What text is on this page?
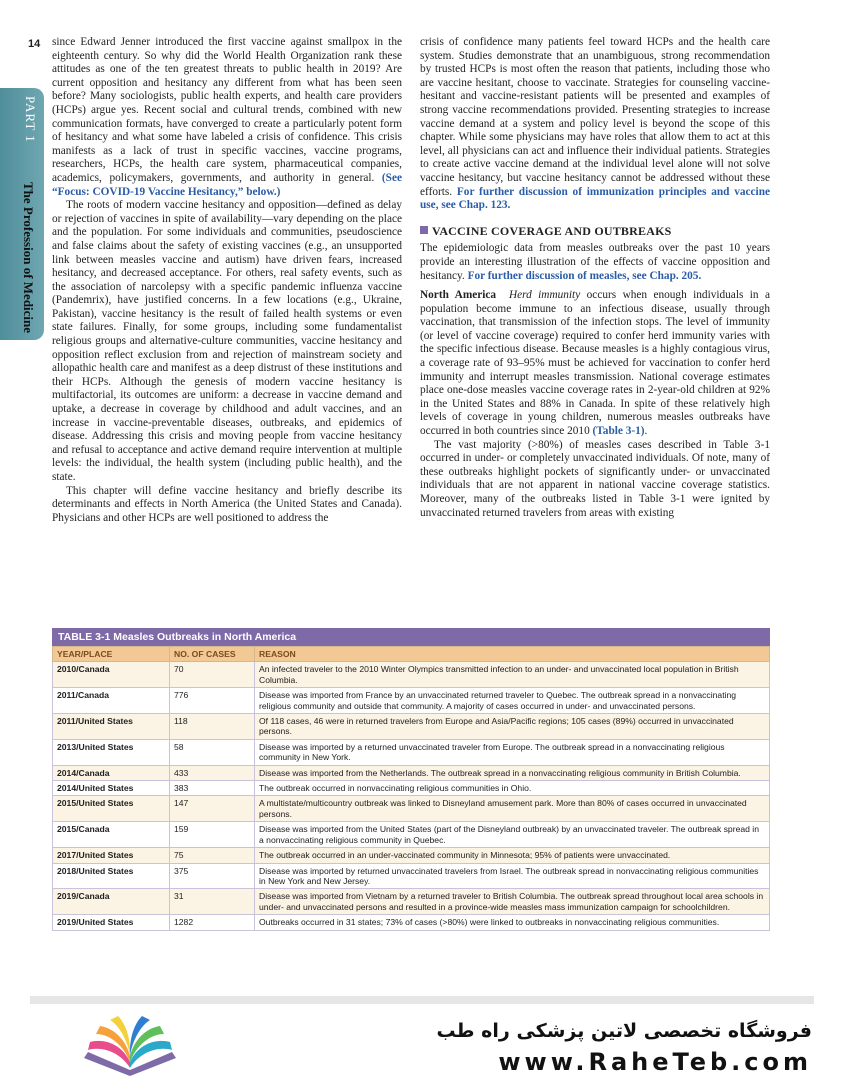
14
PART 1
The Profession of Medicine

since Edward Jenner introduced the first vaccine against smallpox in the eighteenth century. So why did the World Health Organization rank these attitudes as one of the ten greatest threats to public health in 2019? Are current opposition and hesitancy any different from what has been seen before? Many sociologists, public health experts, and health care providers (HCPs) argue yes. Recent social and cultural trends, combined with new communication formats, have converged to create a particularly potent form of hesitancy and what some have labeled a crisis of confidence. This crisis manifests as a lack of trust in specific vaccines, vaccine programs, researchers, HCPs, the health care system, pharmaceutical companies, academics, policymakers, governments, and authority in general. (See “Focus: COVID-19 Vaccine Hesitancy,” below.)

The roots of modern vaccine hesitancy and opposition—defined as delay or rejection of vaccines in spite of availability—vary depending on the place and the population. For some individuals and communities, pseudoscience and false claims about the safety of existing vaccines (e.g., an unsupported link between measles vaccine and autism) have driven fears, increased hesitancy, and decreased acceptance. For others, real safety events, such as the association of narcolepsy with a specific pandemic influenza vaccine (Pandemrix), have justified concerns. In a few locations (e.g., Ukraine, Pakistan), vaccine hesitancy is the result of failed health systems or even state failures. Finally, for some groups, including some fundamentalist religious groups and alternative-culture communities, vaccine hesitancy and opposition reflect exclusion from and rejection of mainstream society and allopathic health care and manifest as a deep distrust of these institutions and their HCPs. Although the genesis of modern vaccine hesitancy is multifactorial, its outcomes are uniform: a decrease in vaccine demand and uptake, a decrease in coverage by childhood and adult vaccines, and an increase in vaccine-preventable diseases, outbreaks, and epidemics of disease. Addressing this crisis and moving people from vaccine hesitancy and refusal to acceptance and active demand require intervention at multiple levels: the individual, the health system (including public health), and the state.

This chapter will define vaccine hesitancy and briefly describe its determinants and effects in North America (the United States and Canada). Physicians and other HCPs are well positioned to address the

crisis of confidence many patients feel toward HCPs and the health care system. Studies demonstrate that an unambiguous, strong recommendation by trusted HCPs is most often the reason that patients, including those who are vaccine hesitant, choose to vaccinate. Strategies for counseling vaccine-hesitant and vaccine-resistant patients will be presented and examples of strong vaccine recommendations provided. Presenting strategies to increase vaccine demand at a system and policy level is beyond the scope of this chapter. While some physicians may have roles that allow them to act at this level, all physicians can act and influence their individual patients. Strategies to create active vaccine demand at the individual level alone will not solve vaccine hesitancy, but vaccine hesitancy cannot be addressed without these efforts. For further discussion of immunization principles and vaccine use, see Chap. 123.

VACCINE COVERAGE AND OUTBREAKS

The epidemiologic data from measles outbreaks over the past 10 years provide an interesting illustration of the effects of vaccine opposition and hesitancy. For further discussion of measles, see Chap. 205.

North America Herd immunity occurs when enough individuals in a population become immune to an infectious disease, usually through vaccination, that transmission of the infection stops. The level of immunity (or level of vaccine coverage) required to confer herd immunity varies with the specific infectious disease. Because measles is a highly contagious virus, a coverage rate of 93–95% must be achieved for vaccination to confer herd immunity and interrupt measles transmission. National coverage estimates place one-dose measles vaccine coverage rates in 2-year-old children at 92% in the United States and 88% in Canada. In spite of these relatively high levels of coverage in young children, numerous measles outbreaks have occurred in both countries since 2010 (Table 3-1).

The vast majority (>80%) of measles cases described in Table 3-1 occurred in under- or completely unvaccinated individuals. Of note, many of these outbreaks highlight pockets of significantly under- or unvaccinated individuals that are not apparent in national vaccine coverage statistics. Moreover, many of the outbreaks listed in Table 3-1 were ignited by unvaccinated returned travelers from areas with existing

TABLE 3-1 Measles Outbreaks in North America
YEAR/PLACE	NO. OF CASES	REASON
2010/Canada	70	An infected traveler to the 2010 Winter Olympics transmitted infection to an under- and unvaccinated local population in British Columbia.
2011/Canada	776	Disease was imported from France by an unvaccinated returned traveler to Quebec. The outbreak spread in a nonvaccinating religious community and outside that community. A majority of cases occurred in under- and unvaccinated persons.
2011/United States	118	Of 118 cases, 46 were in returned travelers from Europe and Asia/Pacific regions; 105 cases (89%) occurred in unvaccinated persons.
2013/United States	58	Disease was imported by a returned unvaccinated traveler from Europe. The outbreak spread in a nonvaccinating religious community in New York.
2014/Canada	433	Disease was imported from the Netherlands. The outbreak spread in a nonvaccinating religious community in British Columbia.
2014/United States	383	The outbreak occurred in nonvaccinating religious communities in Ohio.
2015/United States	147	A multistate/multicountry outbreak was linked to Disneyland amusement park. More than 80% of cases occurred in unvaccinated persons.
2015/Canada	159	Disease was imported from the United States (part of the Disneyland outbreak) by an unvaccinated traveler. The outbreak spread in a nonvaccinating religious community in Quebec.
2017/United States	75	The outbreak occurred in an under-vaccinated community in Minnesota; 95% of patients were unvaccinated.
2018/United States	375	Disease was imported by returned unvaccinated travelers from Israel. The outbreak spread in nonvaccinating religious communities in New York and New Jersey.
2019/Canada	31	Disease was imported from Vietnam by a returned traveler to British Columbia. The outbreak spread throughout local area schools in under- and unvaccinated persons and resulted in a province-wide measles mass immunization campaign for schoolchildren.
2019/United States	1282	Outbreaks occurred in 31 states; 73% of cases (>80%) were linked to outbreaks in nonvaccinating religious communities.
فروشگاه تخصصی لاتین پزشکی راه طب
www.RaheTeb.com
